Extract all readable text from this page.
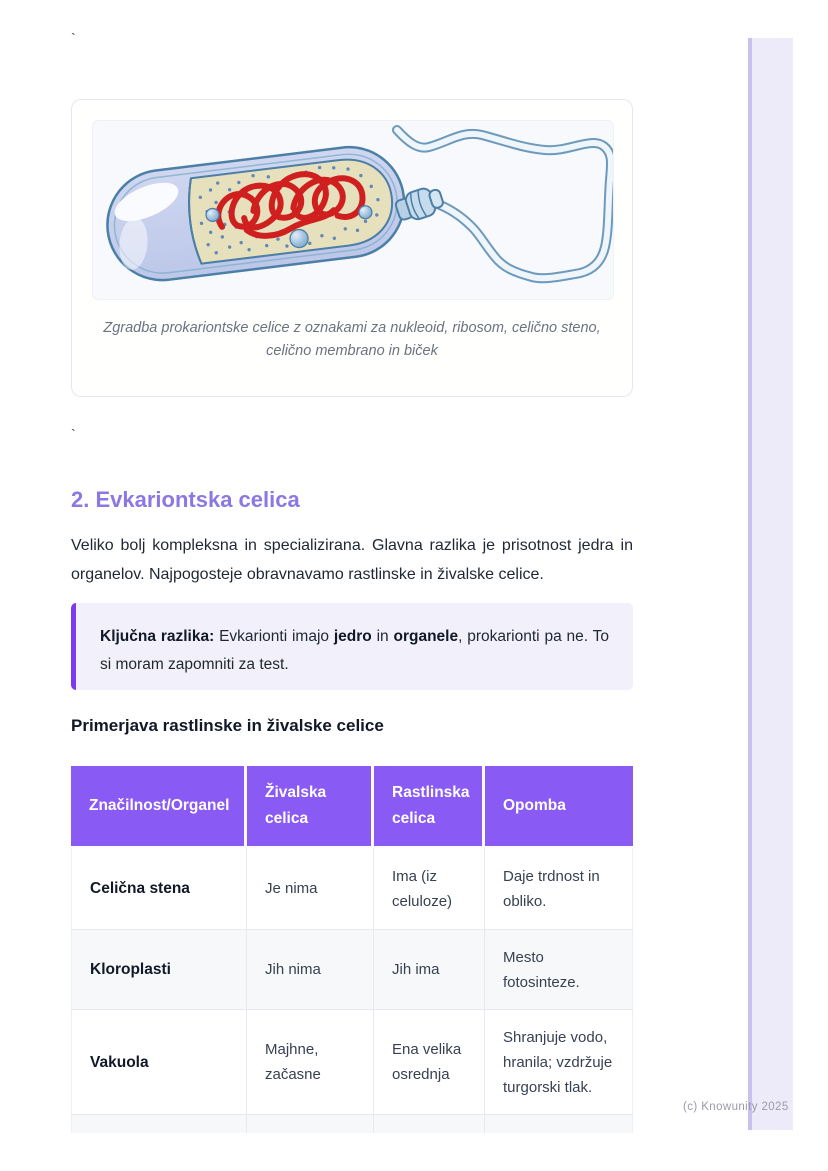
`
Zgradba prokariontske celice z oznakami za nukleoid, ribosom, celično steno, celično membrano in biček
`
2. Evkariontska celica

Veliko bolj kompleksna in specializirana. Glavna razlika je prisotnost jedra in organelov. Najpogosteje obravnavamo rastlinske in živalske celice.

Ključna razlika: Evkarionti imajo jedro in organele, prokarionti pa ne. To si moram zapomniti za test.
Primerjava rastlinske in živalske celice
Značilnost/Organel	Živalska celica	Rastlinska celica	Opomba
Celična stena	Je nima	Ima (iz celuloze)	Daje trdnost in obliko.
Kloroplasti	Jih nima	Jih ima	Mesto fotosinteze.
Vakuola	Majhne, začasne	Ena velika osrednja	Shranjuje vodo, hranila; vzdržuje turgorski tlak.

(c) Knowunity 2025
